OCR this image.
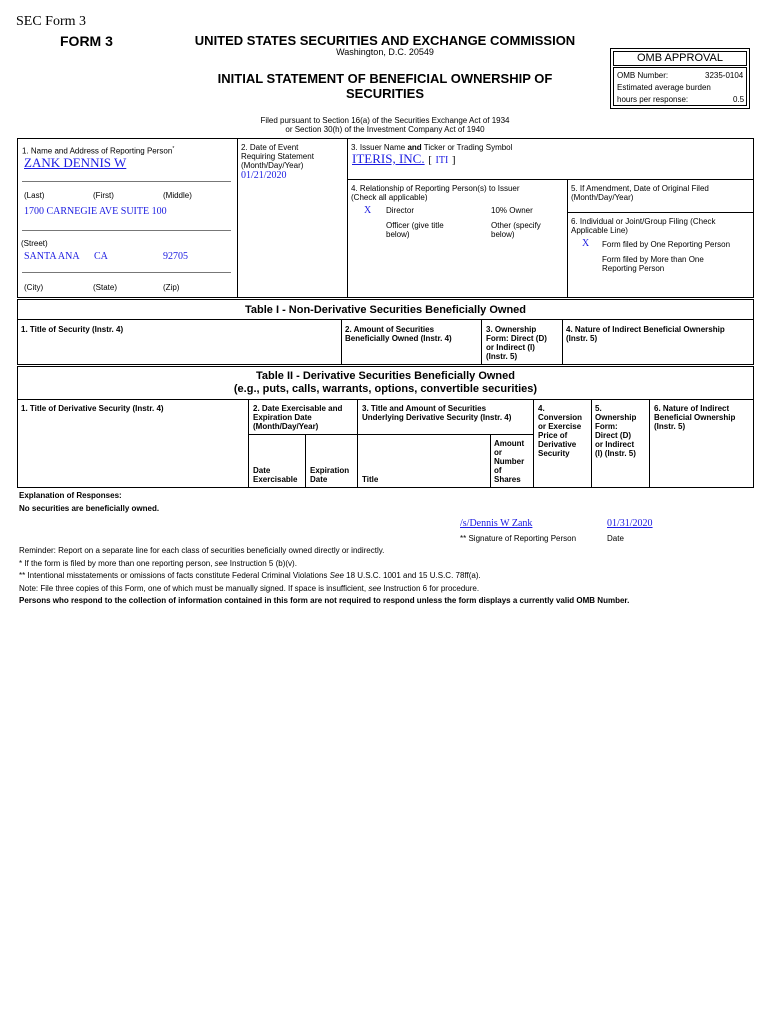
SEC Form 3
FORM 3	UNITED STATES SECURITIES AND EXCHANGE COMMISSION
Washington, D.C. 20549
INITIAL STATEMENT OF BENEFICIAL OWNERSHIP OF
SECURITIES
OMB APPROVAL
OMB Number:	3235-0104
Estimated average burden
hours per response:	0.5
Filed pursuant to Section 16(a) of the Securities Exchange Act of 1934
or Section 30(h) of the Investment Company Act of 1940
1. Name and Address of Reporting Person*
ZANK DENNIS W
(Last)	(First)	(Middle)
1700 CARNEGIE AVE SUITE 100
(Street)
SANTA ANA CA	92705
(City)	(State)	(Zip)
2. Date of Event
Requiring Statement
(Month/Day/Year)
01/21/2020
3. Issuer Name and Ticker or Trading Symbol
ITERIS, INC. [ ITI ]
4. Relationship of Reporting Person(s) to Issuer
(Check all applicable)
X Director	10% Owner
Officer (give title
below)
Other (specify
below)
5. If Amendment, Date of Original Filed
(Month/Day/Year)
6. Individual or Joint/Group Filing (Check
Applicable Line)
X Form filed by One Reporting Person
Form filed by More than One
Reporting Person
Table I - Non-Derivative Securities Beneficially Owned
1. Title of Security (Instr. 4)	2. Amount of Securities
Beneficially Owned (Instr. 4)
3. Ownership
Form: Direct (D)
or Indirect (I)
(Instr. 5)
4. Nature of Indirect Beneficial Ownership
(Instr. 5)
Table II - Derivative Securities Beneficially Owned
(e.g., puts, calls, warrants, options, convertible securities)
1. Title of Derivative Security (Instr. 4)	2. Date Exercisable and
Expiration Date
(Month/Day/Year)
Date
Exercisable
Expiration
Date
3. Title and Amount of Securities
Underlying Derivative Security (Instr. 4)
Title
Amount
or
Number
of
Shares
4.
Conversion
or Exercise
Price of
Derivative
Security
5.
Ownership
Form:
Direct (D)
or Indirect
(I) (Instr. 5)
6. Nature of Indirect
Beneficial Ownership
(Instr. 5)
Explanation of Responses:
No securities are beneficially owned.
/s/Dennis W Zank	01/31/2020
** Signature of Reporting Person	Date
Reminder: Report on a separate line for each class of securities beneficially owned directly or indirectly.
* If the form is filed by more than one reporting person, see Instruction 5 (b)(v).
** Intentional misstatements or omissions of facts constitute Federal Criminal Violations See 18 U.S.C. 1001 and 15 U.S.C. 78ff(a).
Note: File three copies of this Form, one of which must be manually signed. If space is insufficient, see Instruction 6 for procedure.
Persons who respond to the collection of information contained in this form are not required to respond unless the form displays a currently valid OMB Number.
